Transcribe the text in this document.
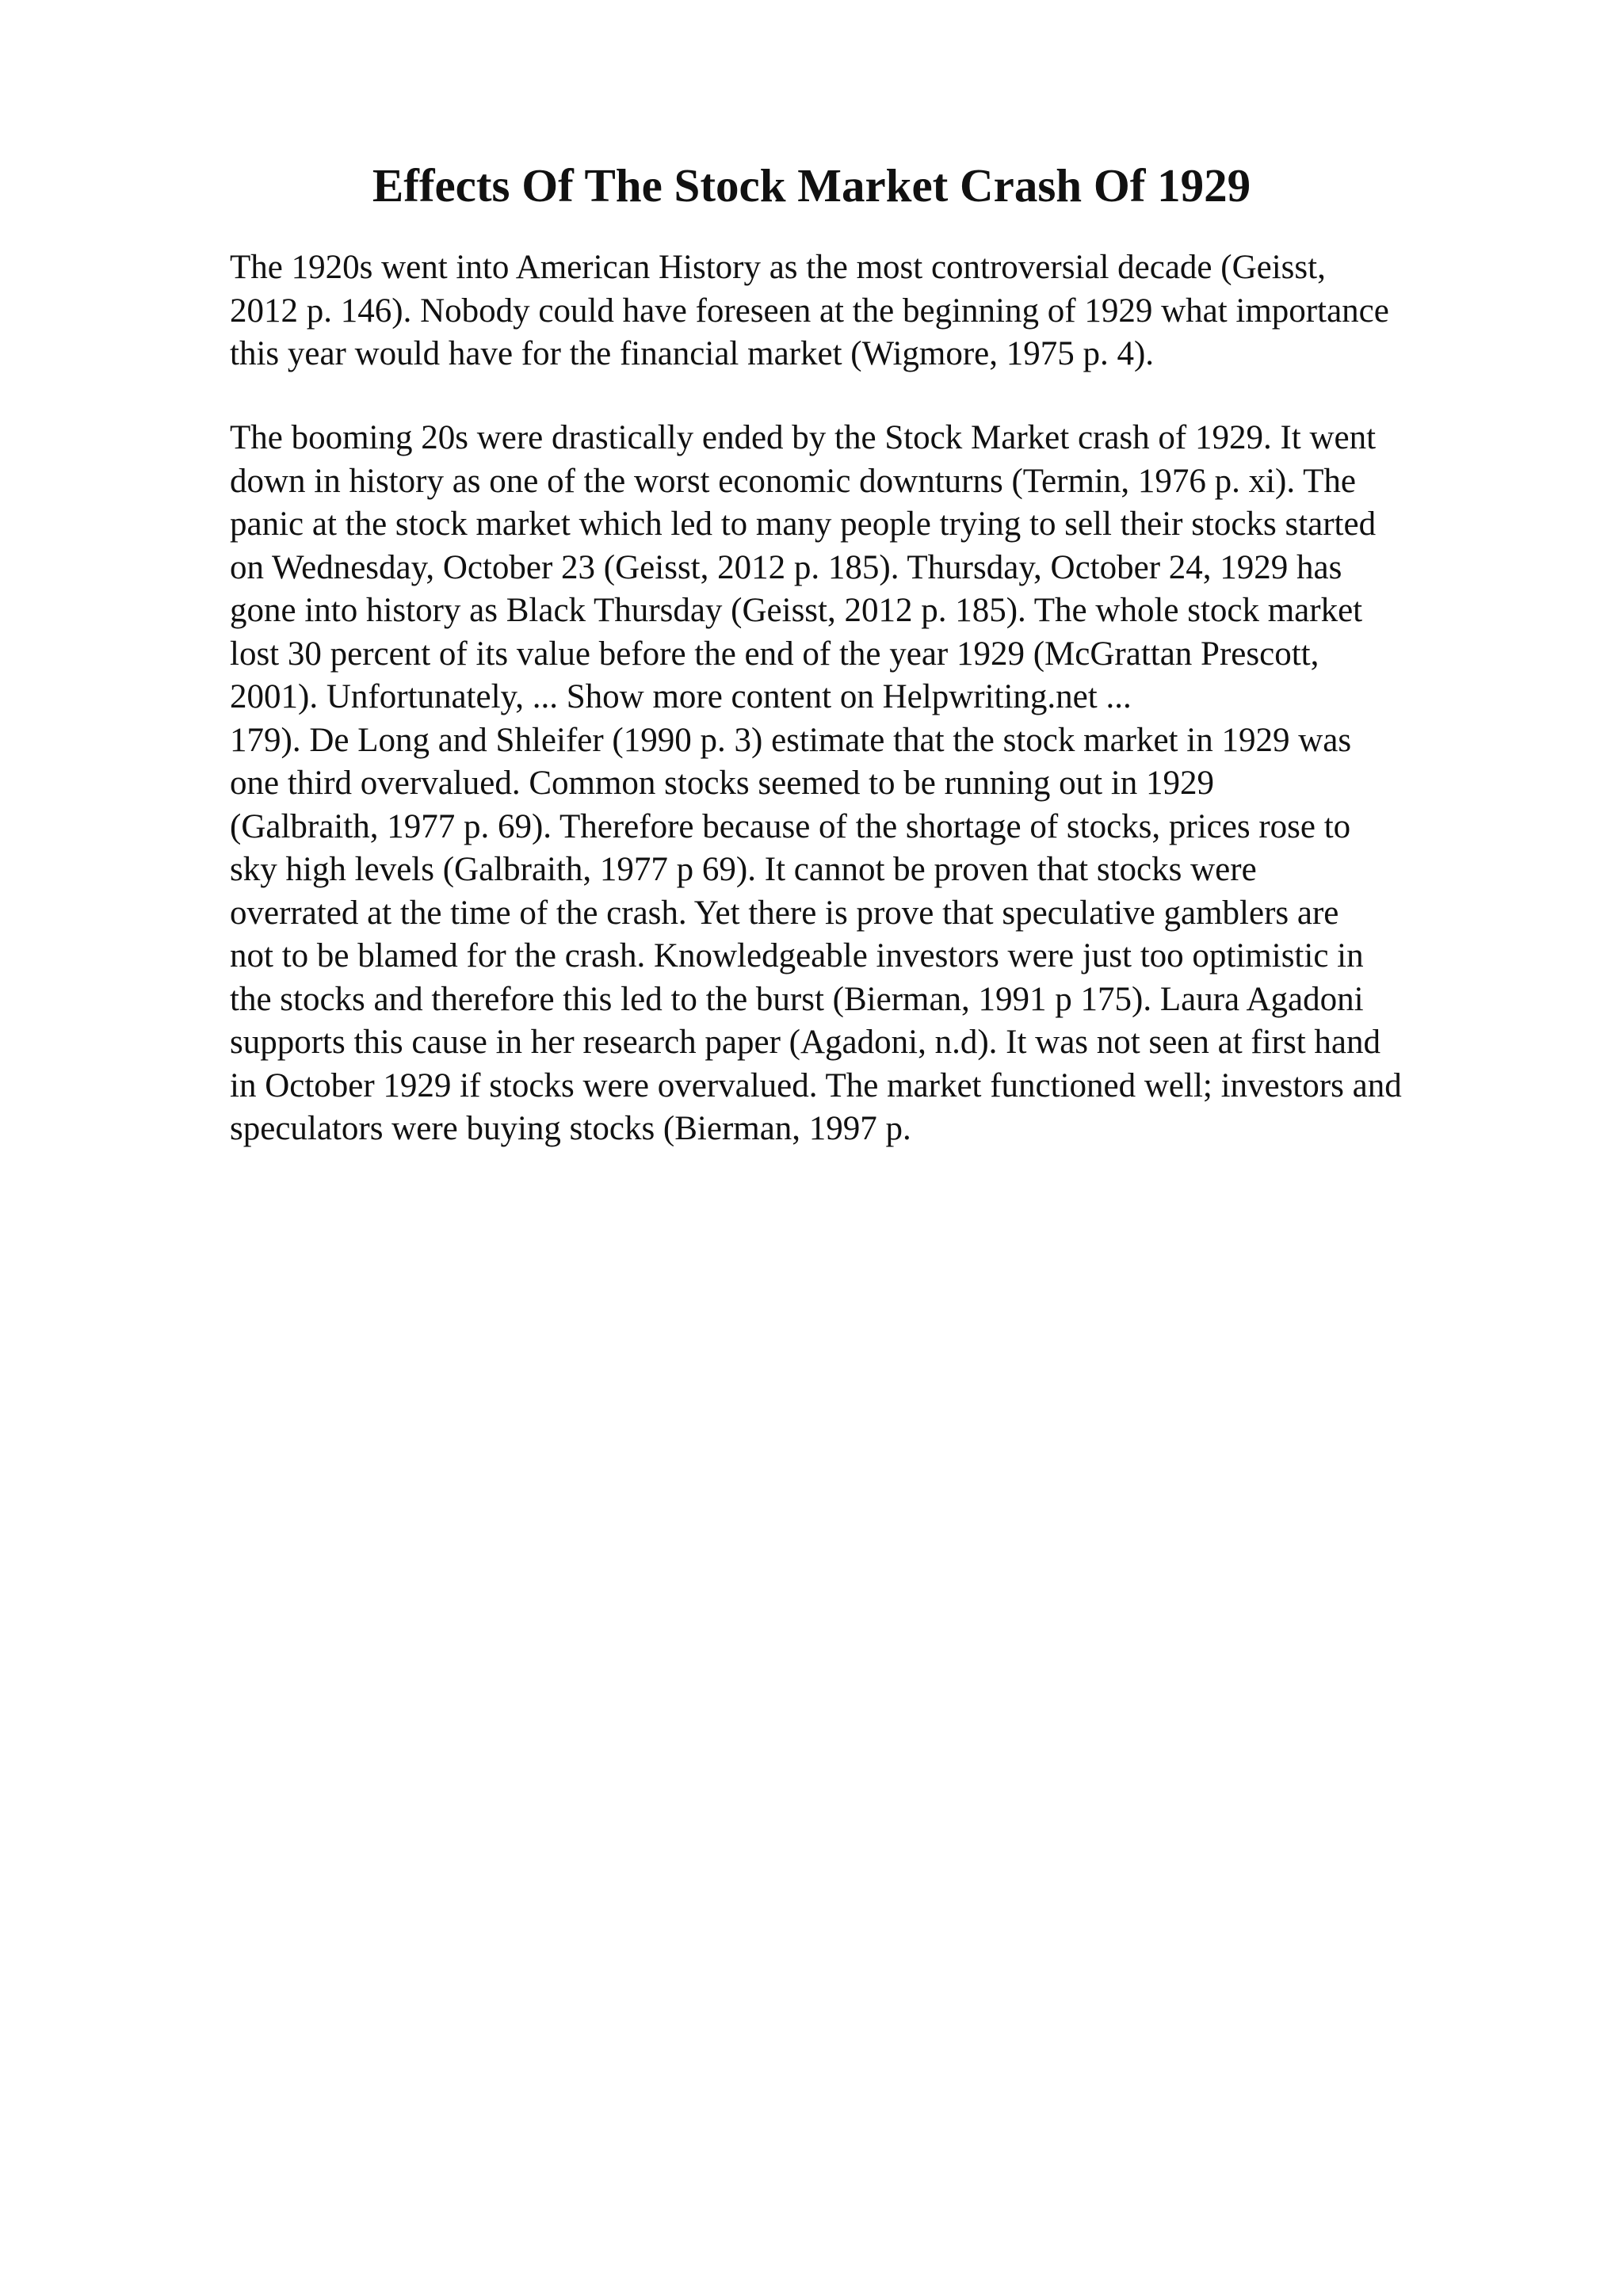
Effects Of The Stock Market Crash Of 1929
The 1920s went into American History as the most controversial decade (Geisst,
2012 p. 146). Nobody could have foreseen at the beginning of 1929 what importance
this year would have for the financial market (Wigmore, 1975 p. 4).
The booming 20s were drastically ended by the Stock Market crash of 1929. It went
down in history as one of the worst economic downturns (Termin, 1976 p. xi). The
panic at the stock market which led to many people trying to sell their stocks started
on Wednesday, October 23 (Geisst, 2012 p. 185). Thursday, October 24, 1929 has
gone into history as Black Thursday (Geisst, 2012 p. 185). The whole stock market
lost 30 percent of its value before the end of the year 1929 (McGrattan Prescott,
2001). Unfortunately, ... Show more content on Helpwriting.net ...
179). De Long and Shleifer (1990 p. 3) estimate that the stock market in 1929 was
one third overvalued. Common stocks seemed to be running out in 1929
(Galbraith, 1977 p. 69). Therefore because of the shortage of stocks, prices rose to
sky high levels (Galbraith, 1977 p 69). It cannot be proven that stocks were
overrated at the time of the crash. Yet there is prove that speculative gamblers are
not to be blamed for the crash. Knowledgeable investors were just too optimistic in
the stocks and therefore this led to the burst (Bierman, 1991 p 175). Laura Agadoni
supports this cause in her research paper (Agadoni, n.d). It was not seen at first hand
in October 1929 if stocks were overvalued. The market functioned well; investors and
speculators were buying stocks (Bierman, 1997 p.
